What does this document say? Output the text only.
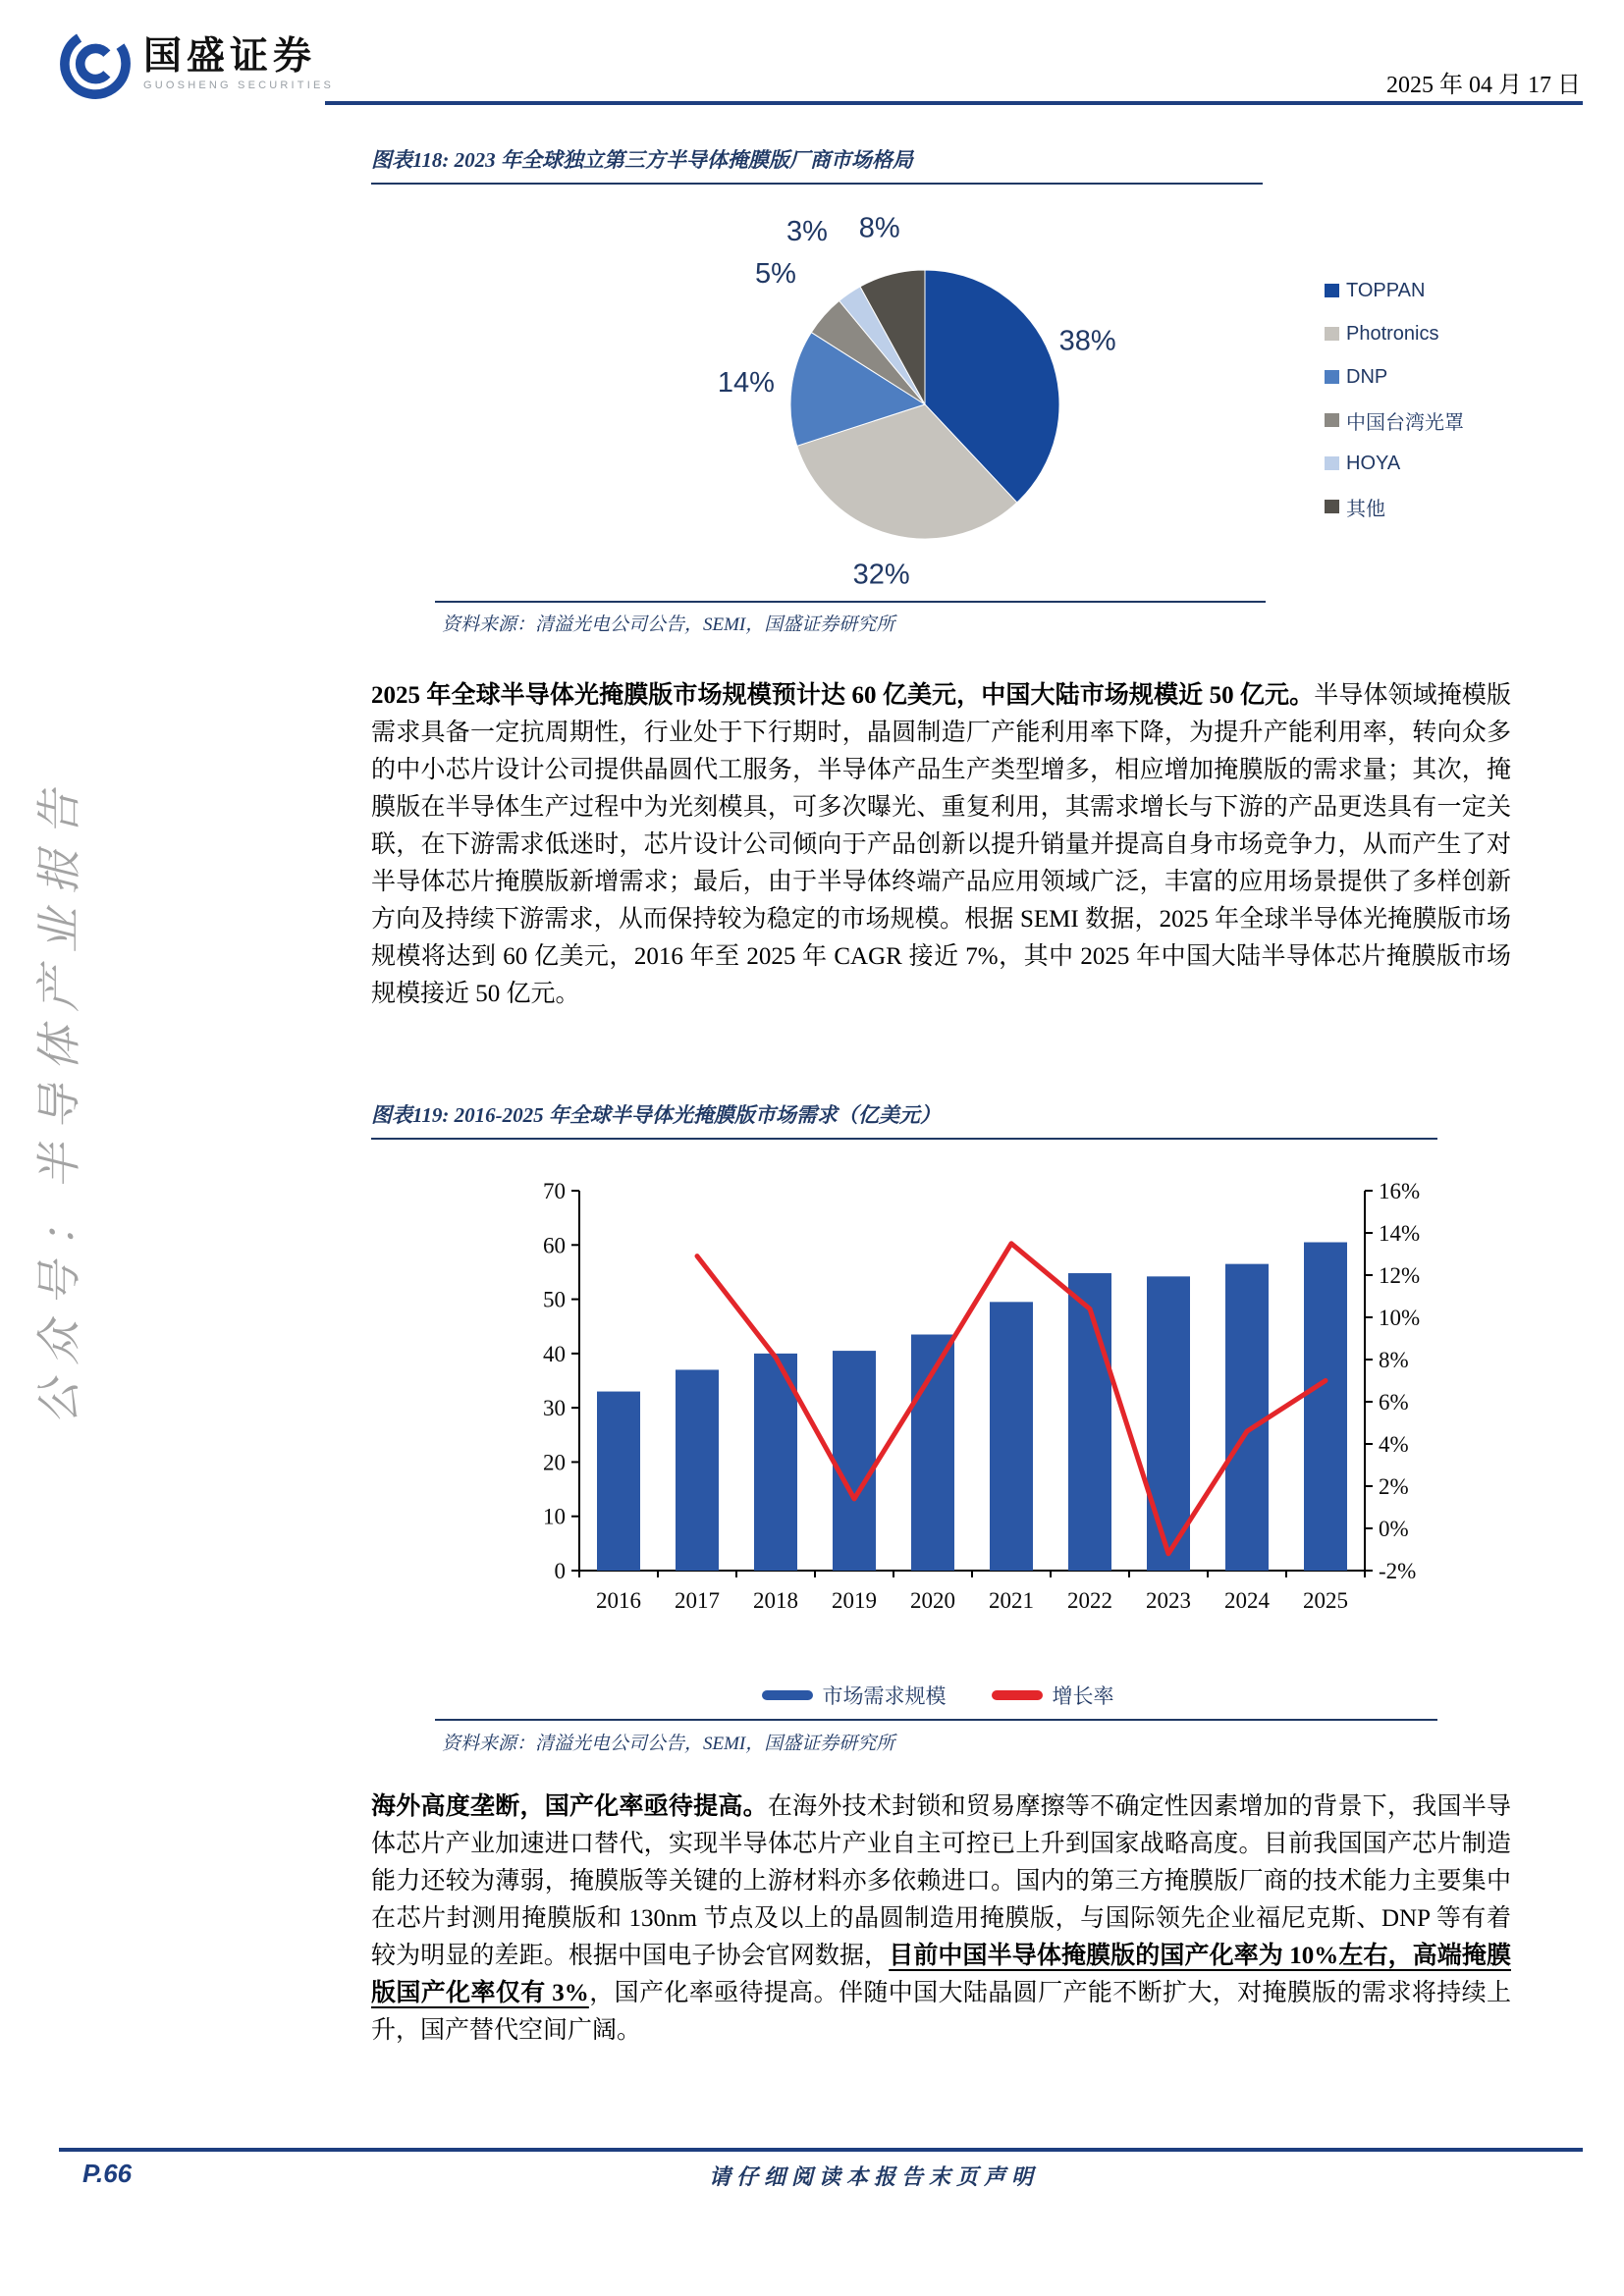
公众号：半导体产业报告
国盛证券
GUOSHENG SECURITIES	2025 年 04 月 17 日
图表118: 2023 年全球独立第三方半导体掩膜版厂商市场格局
38%
32%
14%
5%
3% 8%
TOPPAN
Photronics
DNP
中国台湾光罩
HOYA
其他
资料来源：清溢光电公司公告，SEMI，国盛证券研究所

2025 年全球半导体光掩膜版市场规模预计达 60 亿美元，中国大陆市场规模近 50 亿元。半导体领域掩模版需求具备一定抗周期性，行业处于下行期时，晶圆制造厂产能利用率下降，为提升产能利用率，转向众多的中小芯片设计公司提供晶圆代工服务，半导体产品生产类型增多，相应增加掩膜版的需求量；其次，掩膜版在半导体生产过程中为光刻模具，可多次曝光、重复利用，其需求增长与下游的产品更迭具有一定关联，在下游需求低迷时，芯片设计公司倾向于产品创新以提升销量并提高自身市场竞争力，从而产生了对半导体芯片掩膜版新增需求；最后，由于半导体终端产品应用领域广泛，丰富的应用场景提供了多样创新方向及持续下游需求，从而保持较为稳定的市场规模。根据 SEMI 数据，2025 年全球半导体光掩膜版市场规模将达到 60 亿美元，2016 年至 2025 年 CAGR 接近 7%，其中 2025 年中国大陆半导体芯片掩膜版市场规模接近 50 亿元。

图表119: 2016-2025 年全球半导体光掩膜版市场需求（亿美元）
0
10
20
30
40
50
60
70
-2%
0%
2%
4%
6%
8%
10%
12%
14%
16%
2016 2017 2018 2019 2020 2021 2022 2023 2024 2025
市场需求规模	增长率
资料来源：清溢光电公司公告，SEMI，国盛证券研究所

海外高度垄断，国产化率亟待提高。在海外技术封锁和贸易摩擦等不确定性因素增加的背景下，我国半导体芯片产业加速进口替代，实现半导体芯片产业自主可控已上升到国家战略高度。目前我国国产芯片制造能力还较为薄弱，掩膜版等关键的上游材料亦多依赖进口。国内的第三方掩膜版厂商的技术能力主要集中在芯片封测用掩膜版和 130nm 节点及以上的晶圆制造用掩膜版，与国际领先企业福尼克斯、DNP 等有着较为明显的差距。根据中国电子协会官网数据，目前中国半导体掩膜版的国产化率为 10%左右，高端掩膜版国产化率仅有 3%，国产化率亟待提高。伴随中国大陆晶圆厂产能不断扩大，对掩膜版的需求将持续上升，国产替代空间广阔。

P.66	请仔细阅读本报告末页声明
